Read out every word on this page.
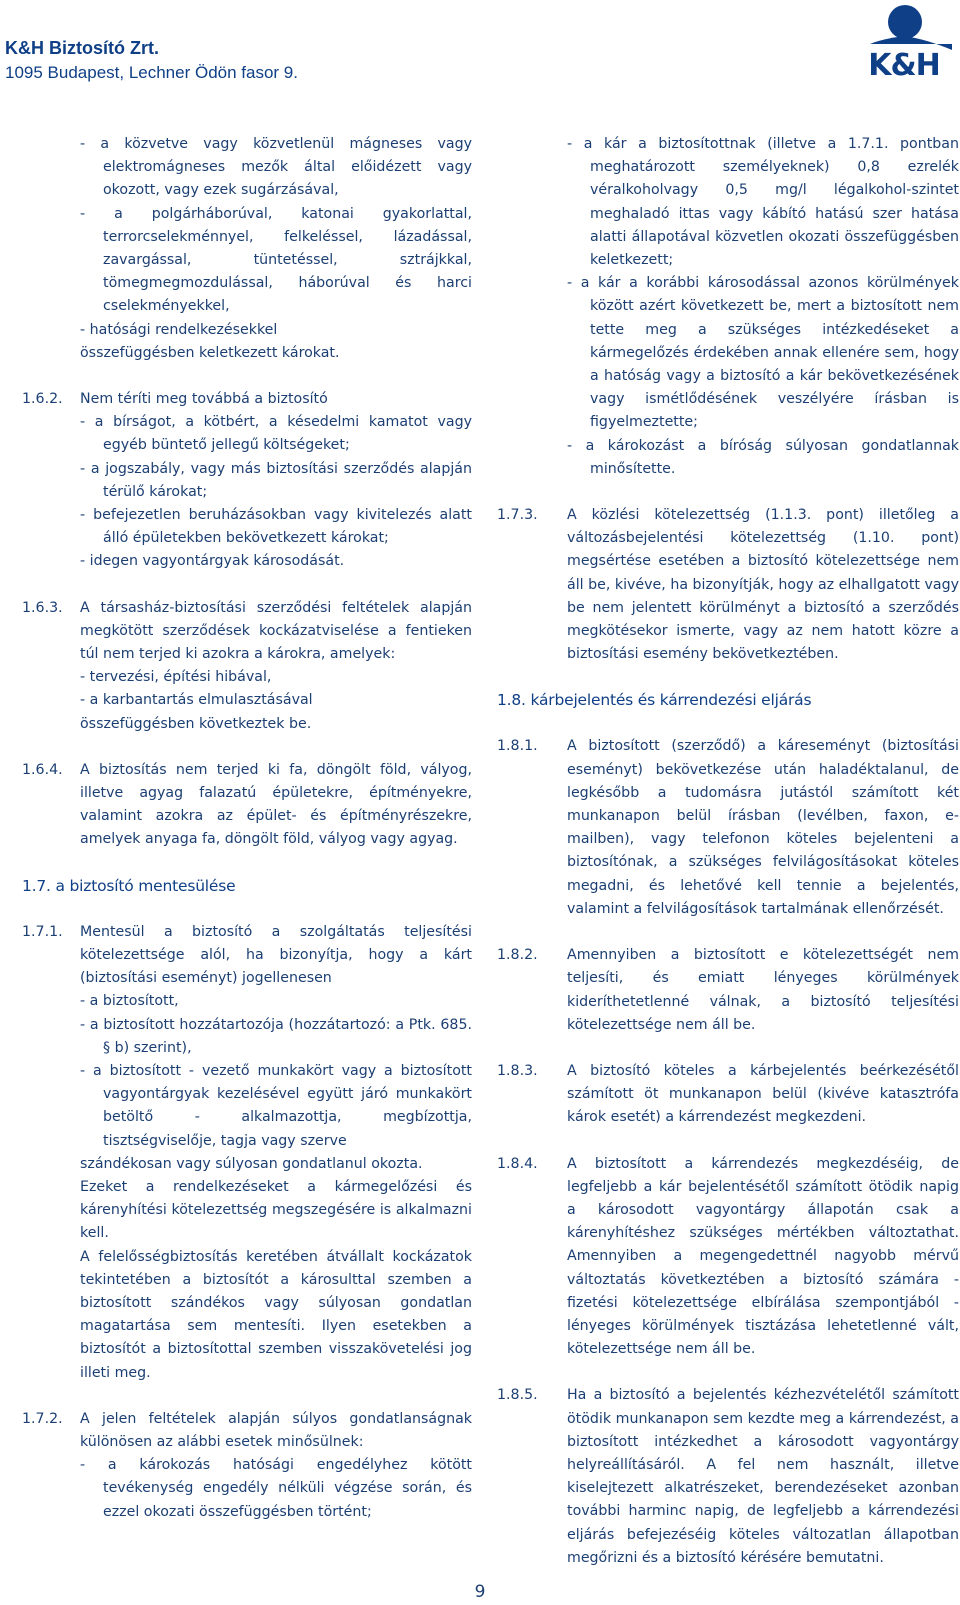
K&H Biztosító Zrt.
1095 Budapest, Lechner Ödön fasor 9.	K&H
- a közvetve vagy közvetlenül mágneses vagy elektromágneses mezők által előidézett vagy okozott, vagy ezek sugárzásával,
- a polgárháborúval, katonai gyakorlattal, terrorcselekménnyel, felkeléssel, lázadással, zavargással, tüntetéssel, sztrájkkal, tömegmegmozdulással, háborúval és harci cselekményekkel,
- hatósági rendelkezésekkel
összefüggésben keletkezett károkat.
1.6.2. Nem téríti meg továbbá a biztosító
- a bírságot, a kötbért, a késedelmi kamatot vagy egyéb büntető jellegű költségeket;
- a jogszabály, vagy más biztosítási szerződés alapján térülő károkat;
- befejezetlen beruházásokban vagy kivitelezés alatt álló épületekben bekövetkezett károkat;
- idegen vagyontárgyak károsodását.
1.6.3. A társasház-biztosítási szerződési feltételek alapján megkötött szerződések kockázatviselése a fentieken túl nem terjed ki azokra a károkra, amelyek:
- tervezési, építési hibával,
- a karbantartás elmulasztásával
összefüggésben következtek be.
1.6.4. A biztosítás nem terjed ki fa, döngölt föld, vályog, illetve agyag falazatú épületekre, építményekre, valamint azokra az épület- és építményrészekre, amelyek anyaga fa, döngölt föld, vályog vagy agyag.
1.7. a biztosító mentesülése
1.7.1. Mentesül a biztosító a szolgáltatás teljesítési kötelezettsége alól, ha bizonyítja, hogy a kárt (biztosítási eseményt) jogellenesen
- a biztosított,
- a biztosított hozzátartozója (hozzátartozó: a Ptk. 685. § b) szerint),
- a biztosított - vezető munkakört vagy a biztosított vagyontárgyak kezelésével együtt járó munkakört betöltő - alkalmazottja, megbízottja, tisztségviselője, tagja vagy szerve
szándékosan vagy súlyosan gondatlanul okozta.
Ezeket a rendelkezéseket a kármegelőzési és kárenyhítési kötelezettség megszegésére is alkalmazni kell.
A felelősségbiztosítás keretében átvállalt kockázatok tekintetében a biztosítót a károsulttal szemben a biztosított szándékos vagy súlyosan gondatlan magatartása sem mentesíti. Ilyen esetekben a biztosítót a biztosítottal szemben visszakövetelési jog illeti meg.
1.7.2. A jelen feltételek alapján súlyos gondatlanságnak különösen az alábbi esetek minősülnek:
- a károkozás hatósági engedélyhez kötött tevékenység engedély nélküli végzése során, és ezzel okozati összefüggésben történt;
- a kár a biztosítottnak (illetve a 1.7.1. pontban meghatározott személyeknek) 0,8 ezrelék véralkoholvagy 0,5 mg/l légalkohol-szintet meghaladó ittas vagy kábító hatású szer hatása alatti állapotával közvetlen okozati összefüggésben keletkezett;
- a kár a korábbi károsodással azonos körülmények között azért következett be, mert a biztosított nem tette meg a szükséges intézkedéseket a kármegelőzés érdekében annak ellenére sem, hogy a hatóság vagy a biztosító a kár bekövetkezésének vagy ismétlődésének veszélyére írásban is figyelmeztette;
- a károkozást a bíróság súlyosan gondatlannak minősítette.
1.7.3. A közlési kötelezettség (1.1.3. pont) illetőleg a változásbejelentési kötelezettség (1.10. pont) megsértése esetében a biztosító kötelezettsége nem áll be, kivéve, ha bizonyítják, hogy az elhallgatott vagy be nem jelentett körülményt a biztosító a szerződés megkötésekor ismerte, vagy az nem hatott közre a biztosítási esemény bekövetkeztében.
1.8. kárbejelentés és kárrendezési eljárás
1.8.1. A biztosított (szerződő) a káreseményt (biztosítási eseményt) bekövetkezése után haladéktalanul, de legkésőbb a tudomásra jutástól számított két munkanapon belül írásban (levélben, faxon, e-mailben), vagy telefonon köteles bejelenteni a biztosítónak, a szükséges felvilágosításokat köteles megadni, és lehetővé kell tennie a bejelentés, valamint a felvilágosítások tartalmának ellenőrzését.
1.8.2. Amennyiben a biztosított e kötelezettségét nem teljesíti, és emiatt lényeges körülmények kideríthetetlenné válnak, a biztosító teljesítési kötelezettsége nem áll be.
1.8.3. A biztosító köteles a kárbejelentés beérkezésétől számított öt munkanapon belül (kivéve katasztrófa károk esetét) a kárrendezést megkezdeni.
1.8.4. A biztosított a kárrendezés megkezdéséig, de legfeljebb a kár bejelentésétől számított ötödik napig a károsodott vagyontárgy állapotán csak a kárenyhítéshez szükséges mértékben változtathat. Amennyiben a megengedettnél nagyobb mérvű változtatás következtében a biztosító számára - fizetési kötelezettsége elbírálása szempontjából - lényeges körülmények tisztázása lehetetlenné vált, kötelezettsége nem áll be.
1.8.5. Ha a biztosító a bejelentés kézhezvételétől számított ötödik munkanapon sem kezdte meg a kárrendezést, a biztosított intézkedhet a károsodott vagyontárgy helyreállításáról. A fel nem használt, illetve kiselejtezett alkatrészeket, berendezéseket azonban további harminc napig, de legfeljebb a kárrendezési eljárás befejezéséig köteles változatlan állapotban megőrizni és a biztosító kérésére bemutatni.
9
